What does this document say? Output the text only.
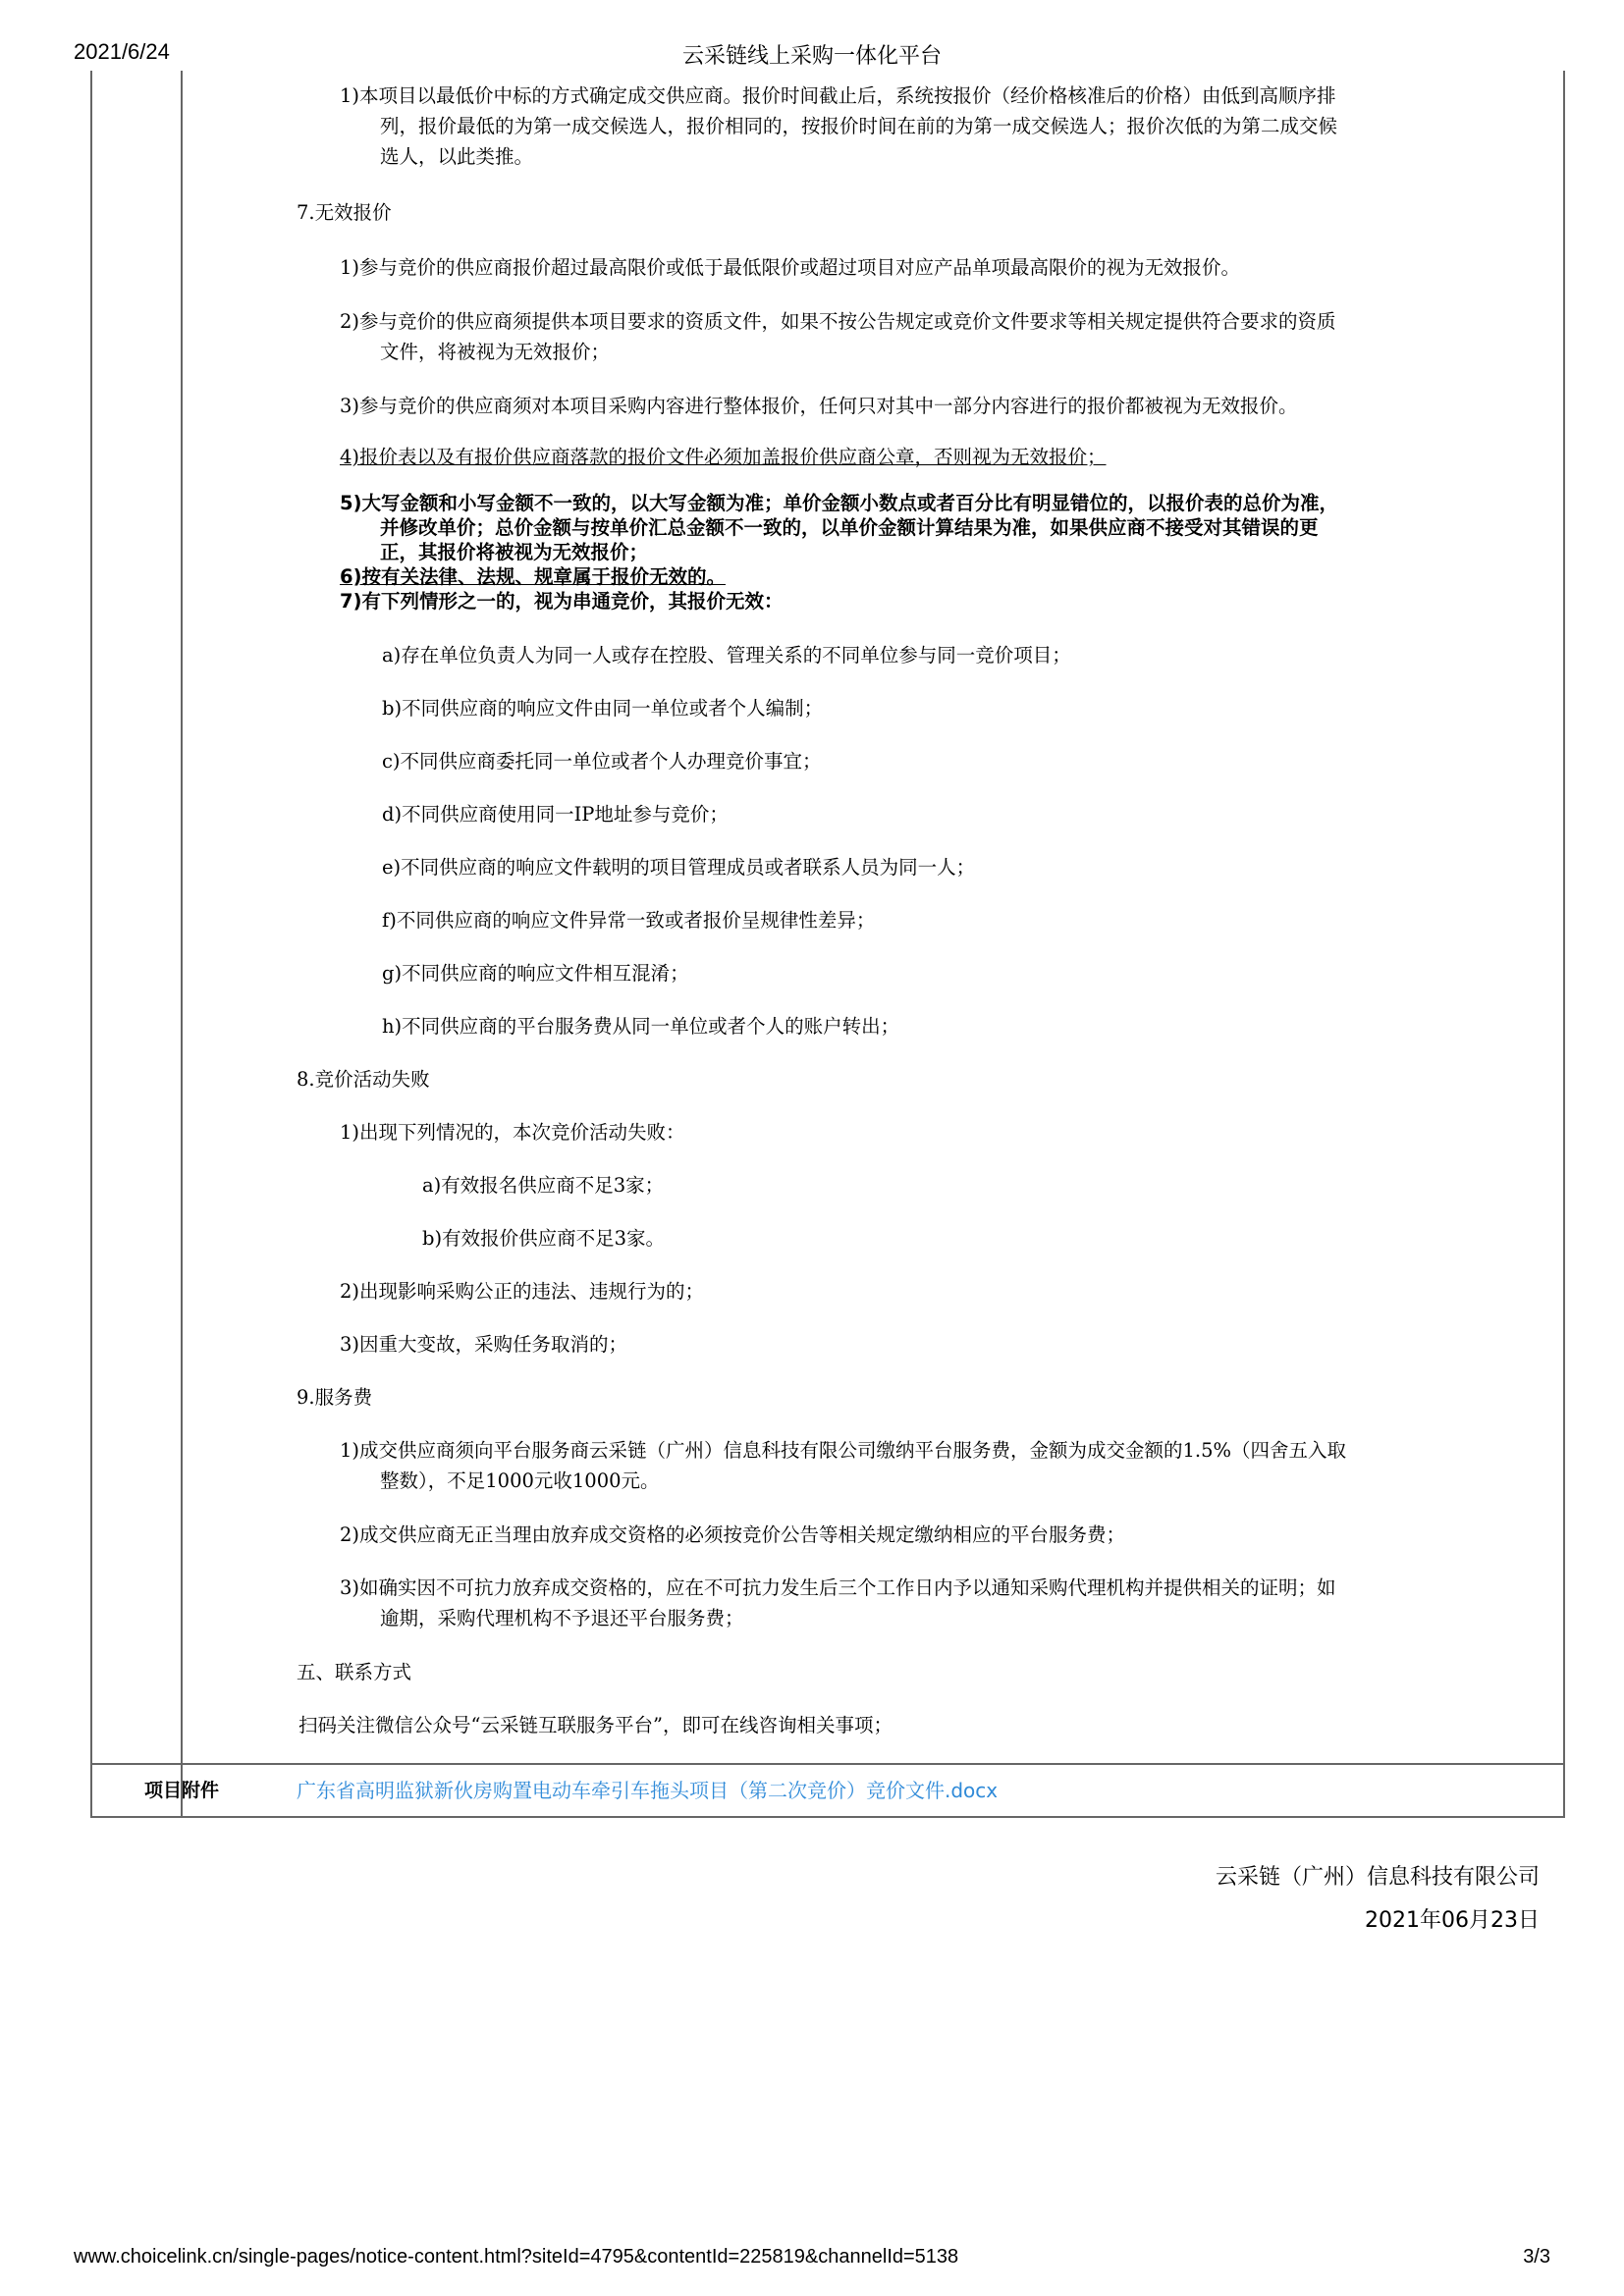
2021/6/24	云采链线上采购一体化平台
1)本项目以最低价中标的方式确定成交供应商。报价时间截止后，系统按报价（经价格核准后的价格）由低到高顺序排
列，报价最低的为第一成交候选人，报价相同的，按报价时间在前的为第一成交候选人；报价次低的为第二成交候
选人，以此类推。
7.无效报价
1)参与竞价的供应商报价超过最高限价或低于最低限价或超过项目对应产品单项最高限价的视为无效报价。
2)参与竞价的供应商须提供本项目要求的资质文件，如果不按公告规定或竞价文件要求等相关规定提供符合要求的资质
文件，将被视为无效报价；
3)参与竞价的供应商须对本项目采购内容进行整体报价，任何只对其中一部分内容进行的报价都被视为无效报价。
4)报价表以及有报价供应商落款的报价文件必须加盖报价供应商公章，否则视为无效报价；
5)大写金额和小写金额不一致的，以大写金额为准；单价金额小数点或者百分比有明显错位的，以报价表的总价为准，
并修改单价；总价金额与按单价汇总金额不一致的，以单价金额计算结果为准，如果供应商不接受对其错误的更
正，其报价将被视为无效报价；
6)按有关法律、法规、规章属于报价无效的。
7)有下列情形之一的，视为串通竞价，其报价无效：
a)存在单位负责人为同一人或存在控股、管理关系的不同单位参与同一竞价项目；
b)不同供应商的响应文件由同一单位或者个人编制；
c)不同供应商委托同一单位或者个人办理竞价事宜；
d)不同供应商使用同一IP地址参与竞价；
e)不同供应商的响应文件载明的项目管理成员或者联系人员为同一人；
f)不同供应商的响应文件异常一致或者报价呈规律性差异；
g)不同供应商的响应文件相互混淆；
h)不同供应商的平台服务费从同一单位或者个人的账户转出；
8.竞价活动失败
1)出现下列情况的，本次竞价活动失败：
a)有效报名供应商不足3家；
b)有效报价供应商不足3家。
2)出现影响采购公正的违法、违规行为的；
3)因重大变故，采购任务取消的；
9.服务费
1)成交供应商须向平台服务商云采链（广州）信息科技有限公司缴纳平台服务费，金额为成交金额的1.5%（四舍五入取
整数），不足1000元收1000元。
2)成交供应商无正当理由放弃成交资格的必须按竞价公告等相关规定缴纳相应的平台服务费；
3)如确实因不可抗力放弃成交资格的，应在不可抗力发生后三个工作日内予以通知采购代理机构并提供相关的证明；如
逾期，采购代理机构不予退还平台服务费；
五、联系方式
扫码关注微信公众号“云采链互联服务平台”，即可在线咨询相关事项；
项目附件	广东省高明监狱新伙房购置电动车牵引车拖头项目（第二次竞价）竞价文件.docx
云采链（广州）信息科技有限公司
2021年06月23日
www.choicelink.cn/single-pages/notice-content.html?siteId=4795&contentId=225819&channelId=5138	3/3
